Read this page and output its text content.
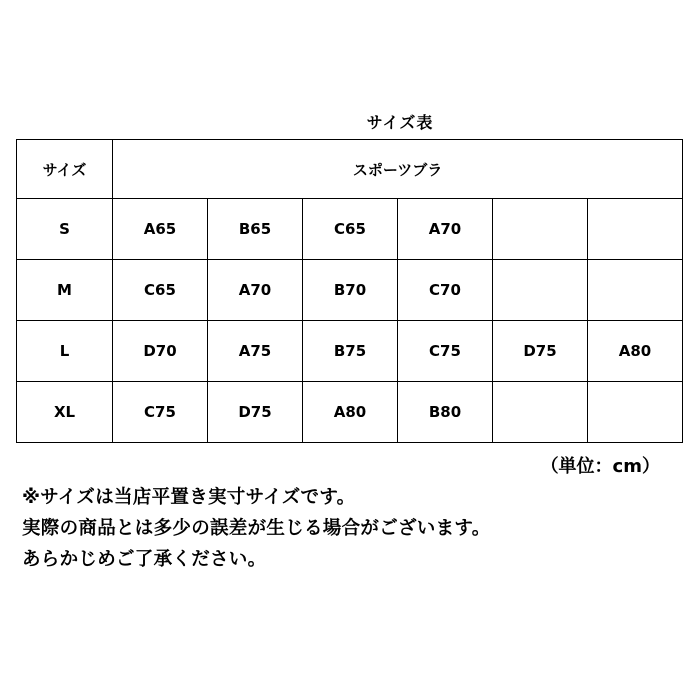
サイズ表
サイズ	スポーツブラ					
S	A65	B65	C65	A70		
M	C65	A70	B70	C70		
L	D70	A75	B75	C75	D75	A80
XL	C75	D75	A80	B80		
（単位：cm）
※サイズは当店平置き実寸サイズです。
実際の商品とは多少の誤差が生じる場合がございます。
あらかじめご了承ください。
